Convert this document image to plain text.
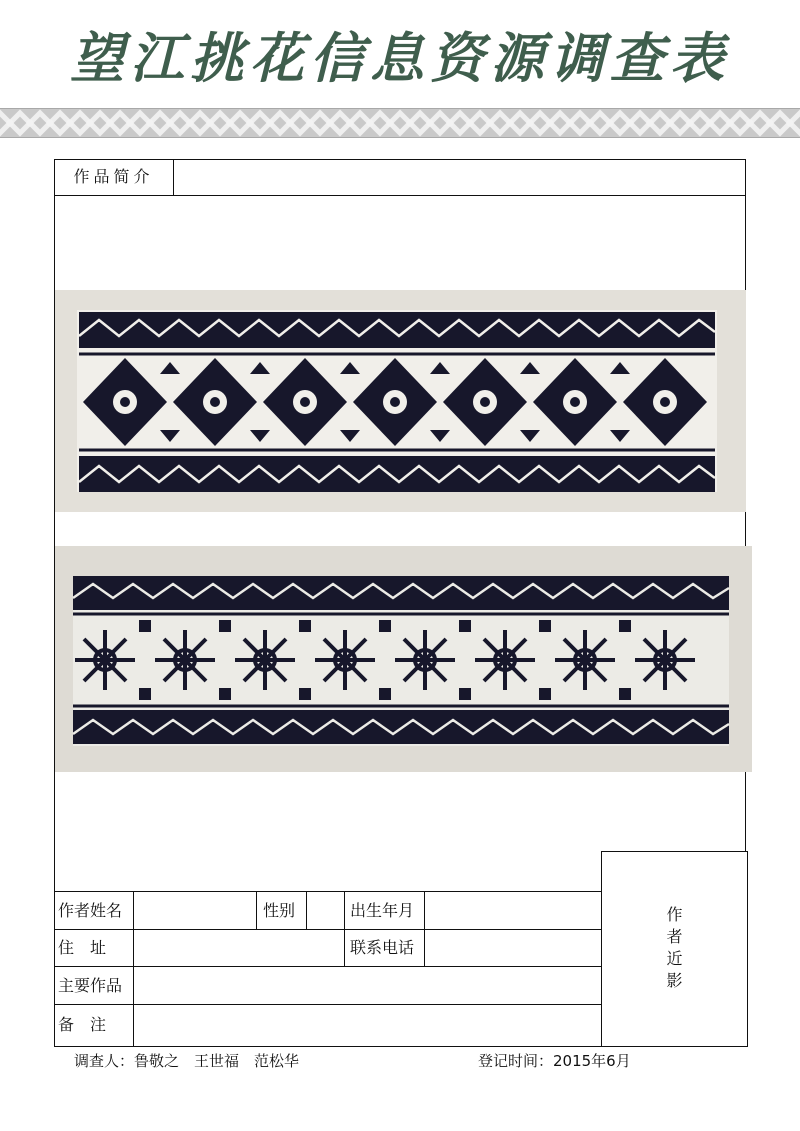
望江挑花信息资源调查表
作品简介
作者姓名	性别	出生年月
住　址	联系电话
主要作品
备　注
作
者
近
影
调查人：鲁敬之　王世福　范松华	登记时间：2015年6月
